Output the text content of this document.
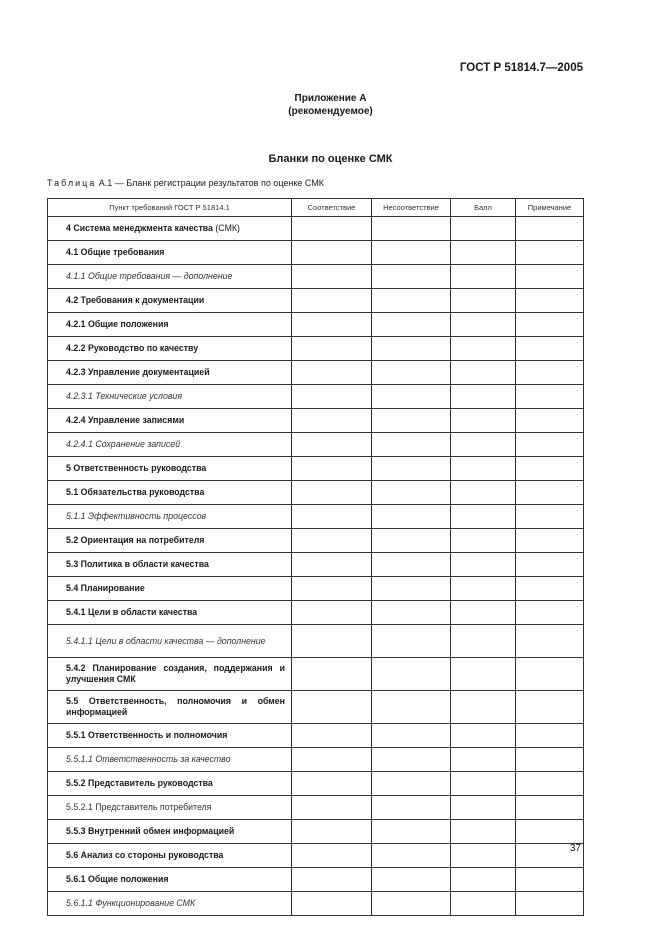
ГОСТ Р 51814.7—2005
Приложение А
(рекомендуемое)
Бланки по оценке СМК
Таблица А.1 — Бланк регистрации результатов по оценке СМК
Пункт требований ГОСТ Р 51814.1	Соответствие	Несоответствие	Балл	Примечание
4 Система менеджмента качества (СМК)				
4.1 Общие требования				
4.1.1 Общие требования — дополнение				
4.2 Требования к документации				
4.2.1 Общие положения				
4.2.2 Руководство по качеству				
4.2.3 Управление документацией				
4.2.3.1 Технические условия				
4.2.4 Управление записями				
4.2.4.1 Сохранение записей				
5 Ответственность руководства				
5.1 Обязательства руководства				
5.1.1 Эффективность процессов				
5.2 Ориентация на потребителя				
5.3 Политика в области качества				
5.4 Планирование				
5.4.1 Цели в области качества				
5.4.1.1 Цели в области качества — дополнение				
5.4.2 Планирование создания, поддержания и улучшения СМК				
5.5 Ответственность, полномочия и обмен информацией				
5.5.1 Ответственность и полномочия				
5.5.1.1 Ответственность за качество				
5.5.2 Представитель руководства				
5.5.2.1 Представитель потребителя				
5.5.3 Внутренний обмен информацией				
5.6 Анализ со стороны руководства				
5.6.1 Общие положения				
5.6.1.1 Функционирование СМК				
37
